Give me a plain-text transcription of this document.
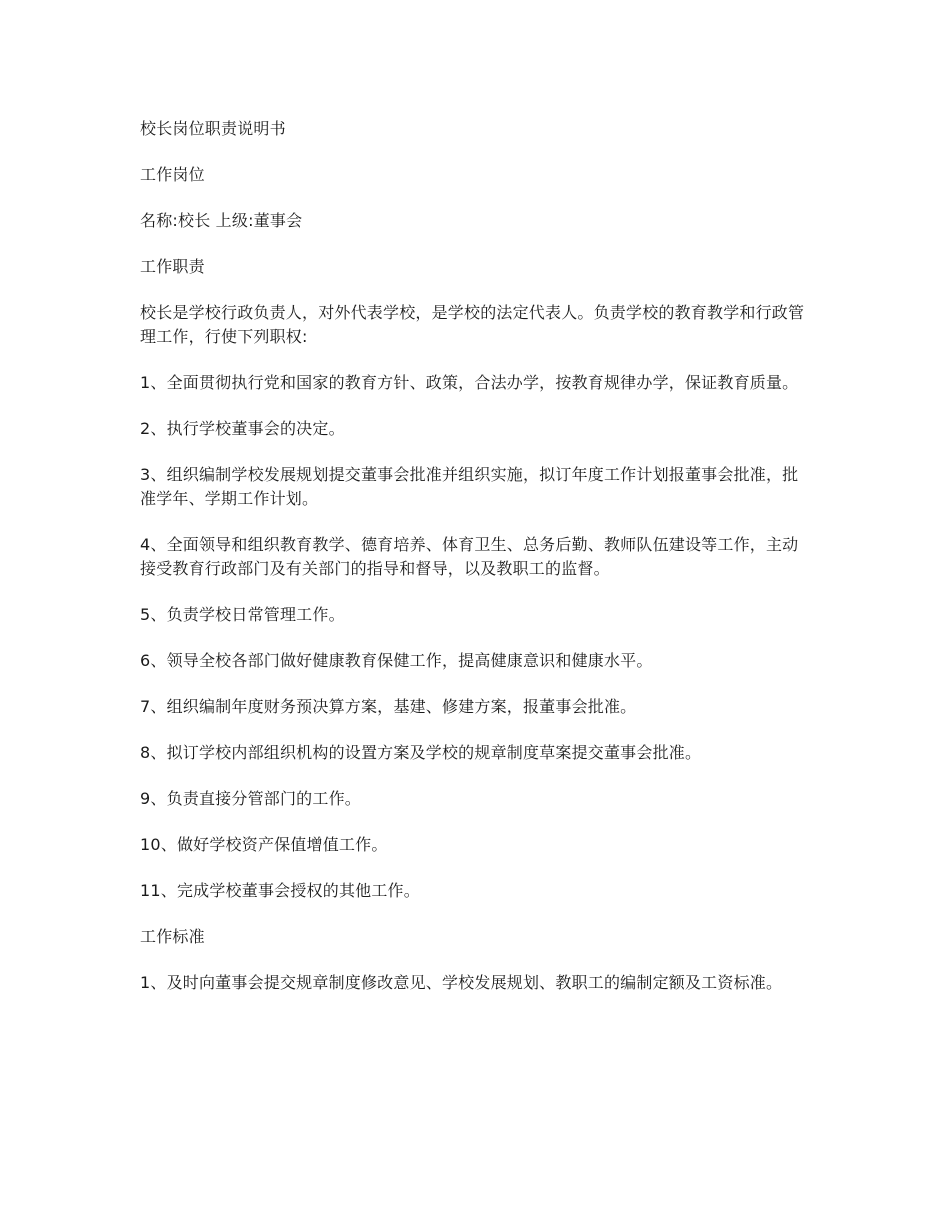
校长岗位职责说明书

工作岗位

名称:校长 上级:董事会

工作职责

校长是学校行政负责人，对外代表学校，是学校的法定代表人。负责学校的教育教学和行政管理工作，行使下列职权:

1、全面贯彻执行党和国家的教育方针、政策，合法办学，按教育规律办学，保证教育质量。

2、执行学校董事会的决定。

3、组织编制学校发展规划提交董事会批准并组织实施，拟订年度工作计划报董事会批准，批准学年、学期工作计划。

4、全面领导和组织教育教学、德育培养、体育卫生、总务后勤、教师队伍建设等工作，主动接受教育行政部门及有关部门的指导和督导，以及教职工的监督。

5、负责学校日常管理工作。

6、领导全校各部门做好健康教育保健工作，提高健康意识和健康水平。

7、组织编制年度财务预决算方案，基建、修建方案，报董事会批准。

8、拟订学校内部组织机构的设置方案及学校的规章制度草案提交董事会批准。

9、负责直接分管部门的工作。

10、做好学校资产保值增值工作。

11、完成学校董事会授权的其他工作。

工作标准

1、及时向董事会提交规章制度修改意见、学校发展规划、教职工的编制定额及工资标准。
